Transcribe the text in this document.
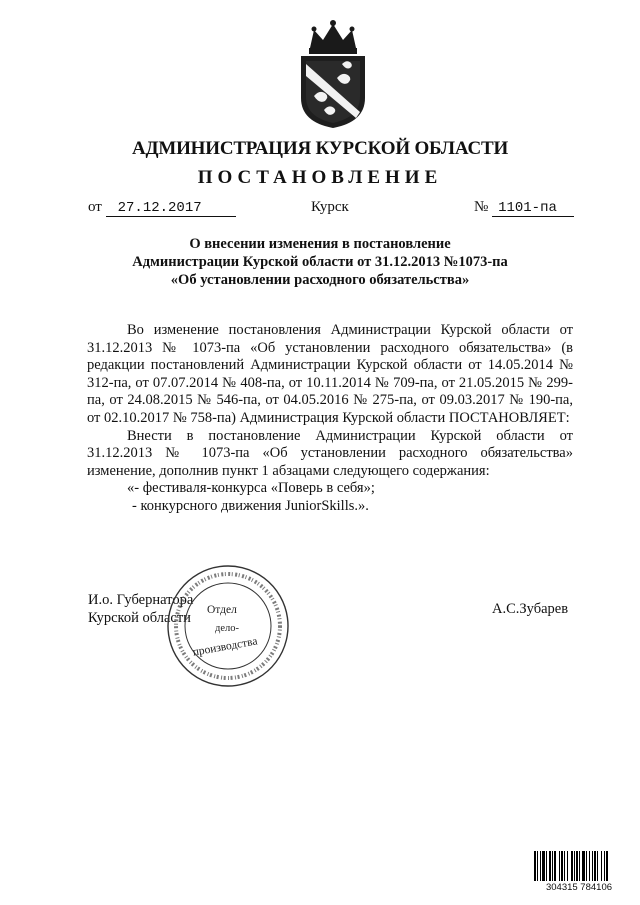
АДМИНИСТРАЦИЯ КУРСКОЙ ОБЛАСТИ
ПОСТАНОВЛЕНИЕ
от 27.12.2017	Курск	№ 1101-па
О внесении изменения в постановление
Администрации Курской области от 31.12.2013 №1073-па
«Об установлении расходного обязательства»

Во изменение постановления Администрации Курской области от 31.12.2013 № 1073-па «Об установлении расходного обязательства» (в редакции постановлений Администрации Курской области от 14.05.2014 № 312-па, от 07.07.2014 № 408-па, от 10.11.2014 № 709-па, от 21.05.2015 № 299-па, от 24.08.2015 № 546-па, от 04.05.2016 № 275-па, от 09.03.2017 № 190-па, от 02.10.2017 № 758-па) Администрация Курской области ПОСТАНОВЛЯЕТ:

Внести в постановление Администрации Курской области от 31.12.2013 № 1073-па «Об установлении расходного обязательства» изменение, дополнив пункт 1 абзацами следующего содержания:

«- фестиваля-конкурса «Поверь в себя»;

- конкурсного движения JuniorSkills.».

И.о. Губернатора
Курской области
А.С.Зубарев
Отдел
дело-
производства
304315 784106
